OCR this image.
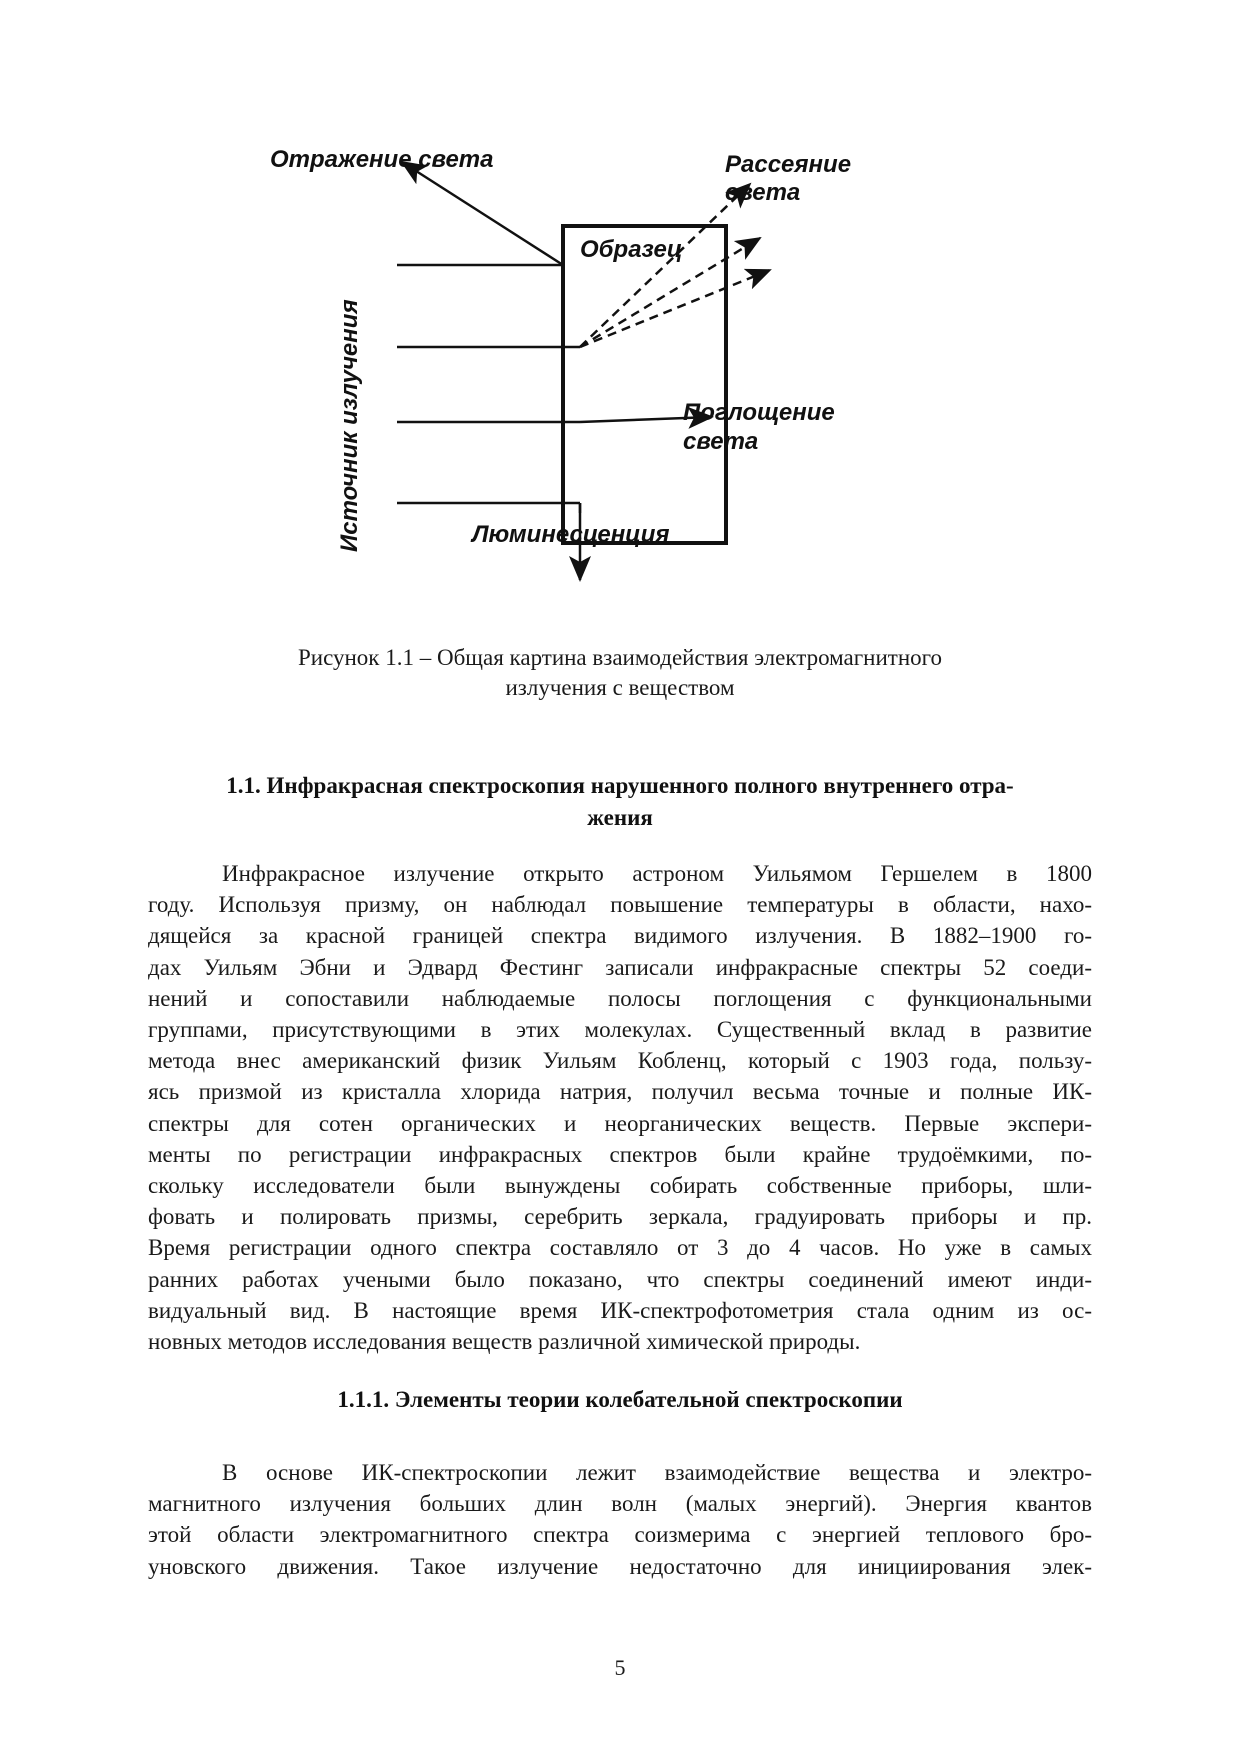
Отражение света	Рассеяние
света
Образец
Поглощение
света
Люминесценция
Источник излучения
Рисунок 1.1 – Общая картина взаимодействия электромагнитного
излучения с веществом
1.1. Инфракрасная спектроскопия нарушенного полного внутреннего отра-
жения
Инфракрасное излучение открыто астроном Уильямом Гершелем в 1800
году. Используя призму, он наблюдал повышение температуры в области, нахо-
дящейся за красной границей спектра видимого излучения. В 1882–1900 го-
дах Уильям Эбни и Эдвард Фестинг записали инфракрасные спектры 52 соеди-
нений и сопоставили наблюдаемые полосы поглощения с функциональными
группами, присутствующими в этих молекулах. Существенный вклад в развитие
метода внес американский физик Уильям Кобленц, который с 1903 года, пользу-
ясь призмой из кристалла хлорида натрия, получил весьма точные и полные ИК-
спектры для сотен органических и неорганических веществ. Первые экспери-
менты по регистрации инфракрасных спектров были крайне трудоёмкими, по-
скольку исследователи были вынуждены собирать собственные приборы, шли-
фовать и полировать призмы, серебрить зеркала, градуировать приборы и пр.
Время регистрации одного спектра составляло от 3 до 4 часов. Но уже в самых
ранних работах учеными было показано, что спектры соединений имеют инди-
видуальный вид. В настоящие время ИК-спектрофотометрия стала одним из ос-
новных методов исследования веществ различной химической природы.
1.1.1. Элементы теории колебательной спектроскопии
В основе ИК-спектроскопии лежит взаимодействие вещества и электро-
магнитного излучения больших длин волн (малых энергий). Энергия квантов
этой области электромагнитного спектра соизмерима с энергией теплового бро-
уновского движения. Такое излучение недостаточно для инициирования элек-
5
